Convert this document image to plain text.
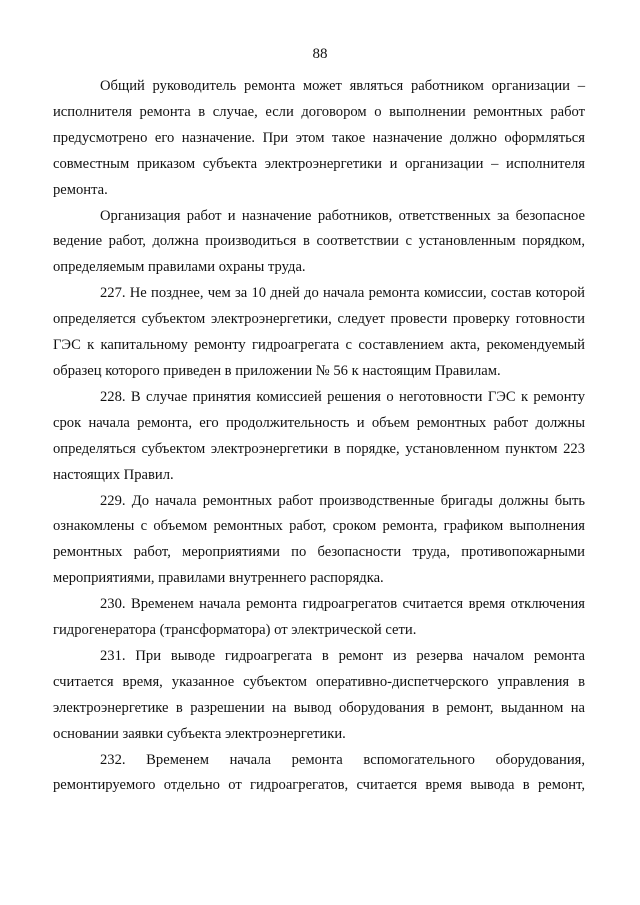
88

Общий руководитель ремонта может являться работником организации – исполнителя ремонта в случае, если договором о выполнении ремонтных работ предусмотрено его назначение. При этом такое назначение должно оформляться совместным приказом субъекта электроэнергетики и организации – исполнителя ремонта.

Организация работ и назначение работников, ответственных за безопасное ведение работ, должна производиться в соответствии с установленным порядком, определяемым правилами охраны труда.

227. Не позднее, чем за 10 дней до начала ремонта комиссии, состав которой определяется субъектом электроэнергетики, следует провести проверку готовности ГЭС к капитальному ремонту гидроагрегата с составлением акта, рекомендуемый образец которого приведен в приложении № 56 к настоящим Правилам.

228. В случае принятия комиссией решения о неготовности ГЭС к ремонту срок начала ремонта, его продолжительность и объем ремонтных работ должны определяться субъектом электроэнергетики в порядке, установленном пунктом 223 настоящих Правил.

229. До начала ремонтных работ производственные бригады должны быть ознакомлены с объемом ремонтных работ, сроком ремонта, графиком выполнения ремонтных работ, мероприятиями по безопасности труда, противопожарными мероприятиями, правилами внутреннего распорядка.

230. Временем начала ремонта гидроагрегатов считается время отключения гидрогенератора (трансформатора) от электрической сети.

231. При выводе гидроагрегата в ремонт из резерва началом ремонта считается время, указанное субъектом оперативно-диспетчерского управления в электроэнергетике в разрешении на вывод оборудования в ремонт, выданном на основании заявки субъекта электроэнергетики.

232. Временем начала ремонта вспомогательного оборудования, ремонтируемого отдельно от гидроагрегатов, считается время вывода в ремонт,
